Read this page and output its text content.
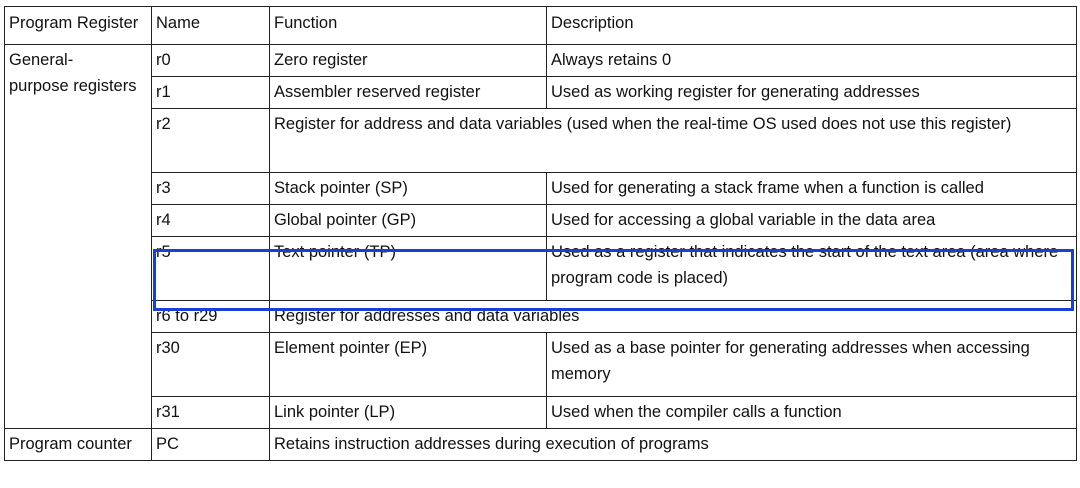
Program Register	Name	Function	Description
General-
purpose registers	r0	Zero register	Always retains 0
	r1	Assembler reserved register	Used as working register for generating addresses
	r2	Register for address and data variables (used when the real-time OS used does not use this register)	
	r3	Stack pointer (SP)	Used for generating a stack frame when a function is called
	r4	Global pointer (GP)	Used for accessing a global variable in the data area
	r5	Text pointer (TP)	Used as a register that indicates the start of the text area (area where program code is placed)
	r6 to r29	Register for addresses and data variables	
	r30	Element pointer (EP)	Used as a base pointer for generating addresses when accessing memory
	r31	Link pointer (LP)	Used when the compiler calls a function
Program counter	PC	Retains instruction addresses during execution of programs	
